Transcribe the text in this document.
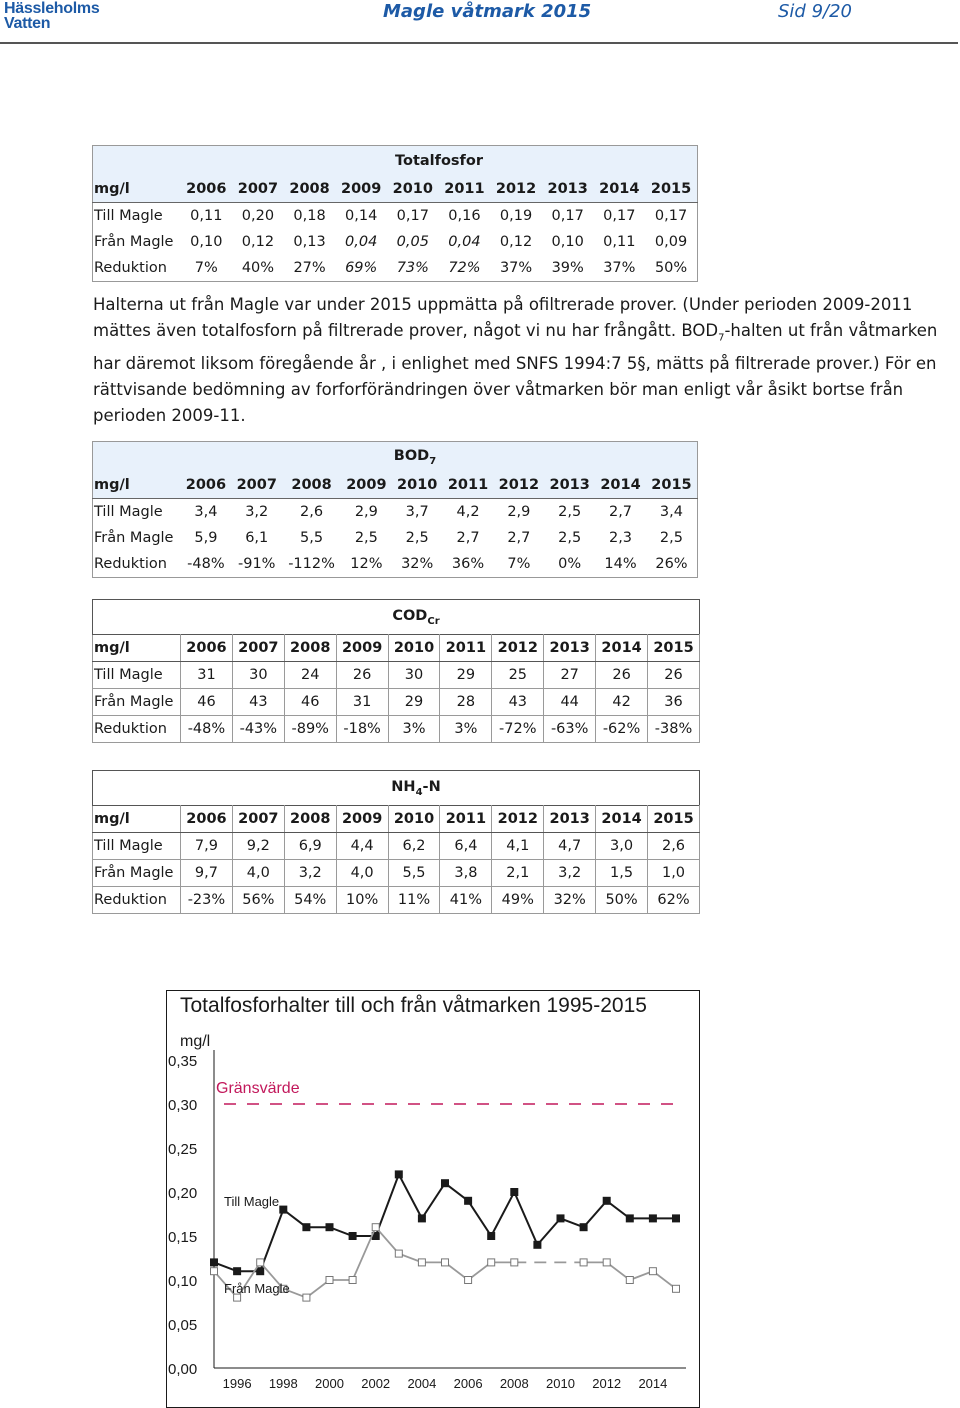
Hässleholms
Vatten
Magle våtmark 2015	Sid 9/20
Totalfosfor										
mg/l	2006	2007	2008	2009	2010	2011	2012	2013	2014	2015
Till Magle	0,11	0,20	0,18	0,14	0,17	0,16	0,19	0,17	0,17	0,17
Från Magle	0,10	0,12	0,13	0,04	0,05	0,04	0,12	0,10	0,11	0,09
Reduktion	7%	40%	27%	69%	73%	72%	37%	39%	37%	50%

Halterna ut från Magle var under 2015 uppmätta på ofiltrerade prover. (Under perioden 2009-2011 mättes även totalfosforn på filtrerade prover, något vi nu har frångått. $BOD_7$-halten ut från våtmarken har däremot liksom föregående år , i enlighet med SNFS 1994:7 5§, mätts på filtrerade prover.) För en rättvisande bedömning av forforförändringen över våtmarken bör man enligt vår åsikt bortse från perioden 2009-11.

$BOD_7$
mg/l	2006	2007	2008	2009	2010	2011	2012	2013	2014	2015
Till Magle	3,4	3,2	2,6	2,9	3,7	4,2	2,9	2,5	2,7	3,4
Från Magle	5,9	6,1	5,5	2,5	2,5	2,7	2,7	2,5	2,3	2,5
Reduktion	-48%	-91%	-112%	12%	32%	36%	7%	0%	14%	26%
$COD_{Cr}$
mg/l	2006	2007	2008	2009	2010	2011	2012	2013	2014	2015
Till Magle	31	30	24	26	30	29	25	27	26	26
Från Magle	46	43	46	31	29	28	43	44	42	36
Reduktion	-48%	-43%	-89%	-18%	3%	3%	-72%	-63%	-62%	-38%
$NH_4-N$										
mg/l	2006	2007	2008	2009	2010	2011	2012	2013	2014	2015
Till Magle	7,9	9,2	6,9	4,4	6,2	6,4	4,1	4,7	3,0	2,6
Från Magle	9,7	4,0	3,2	4,0	5,5	3,8	2,1	3,2	1,5	1,0
Reduktion	-23%	56%	54%	10%	11%	41%	49%	32%	50%	62%
Totalfosforhalter till och från våtmarken 1995-2015
mg/l
0,00
0,05
0,10
0,15
0,20
0,25
0,30
0,35
1996 1998 2000 2002 2004 2006 2008 2010 2012 2014
Gränsvärde
Till Magle
Från Magle
